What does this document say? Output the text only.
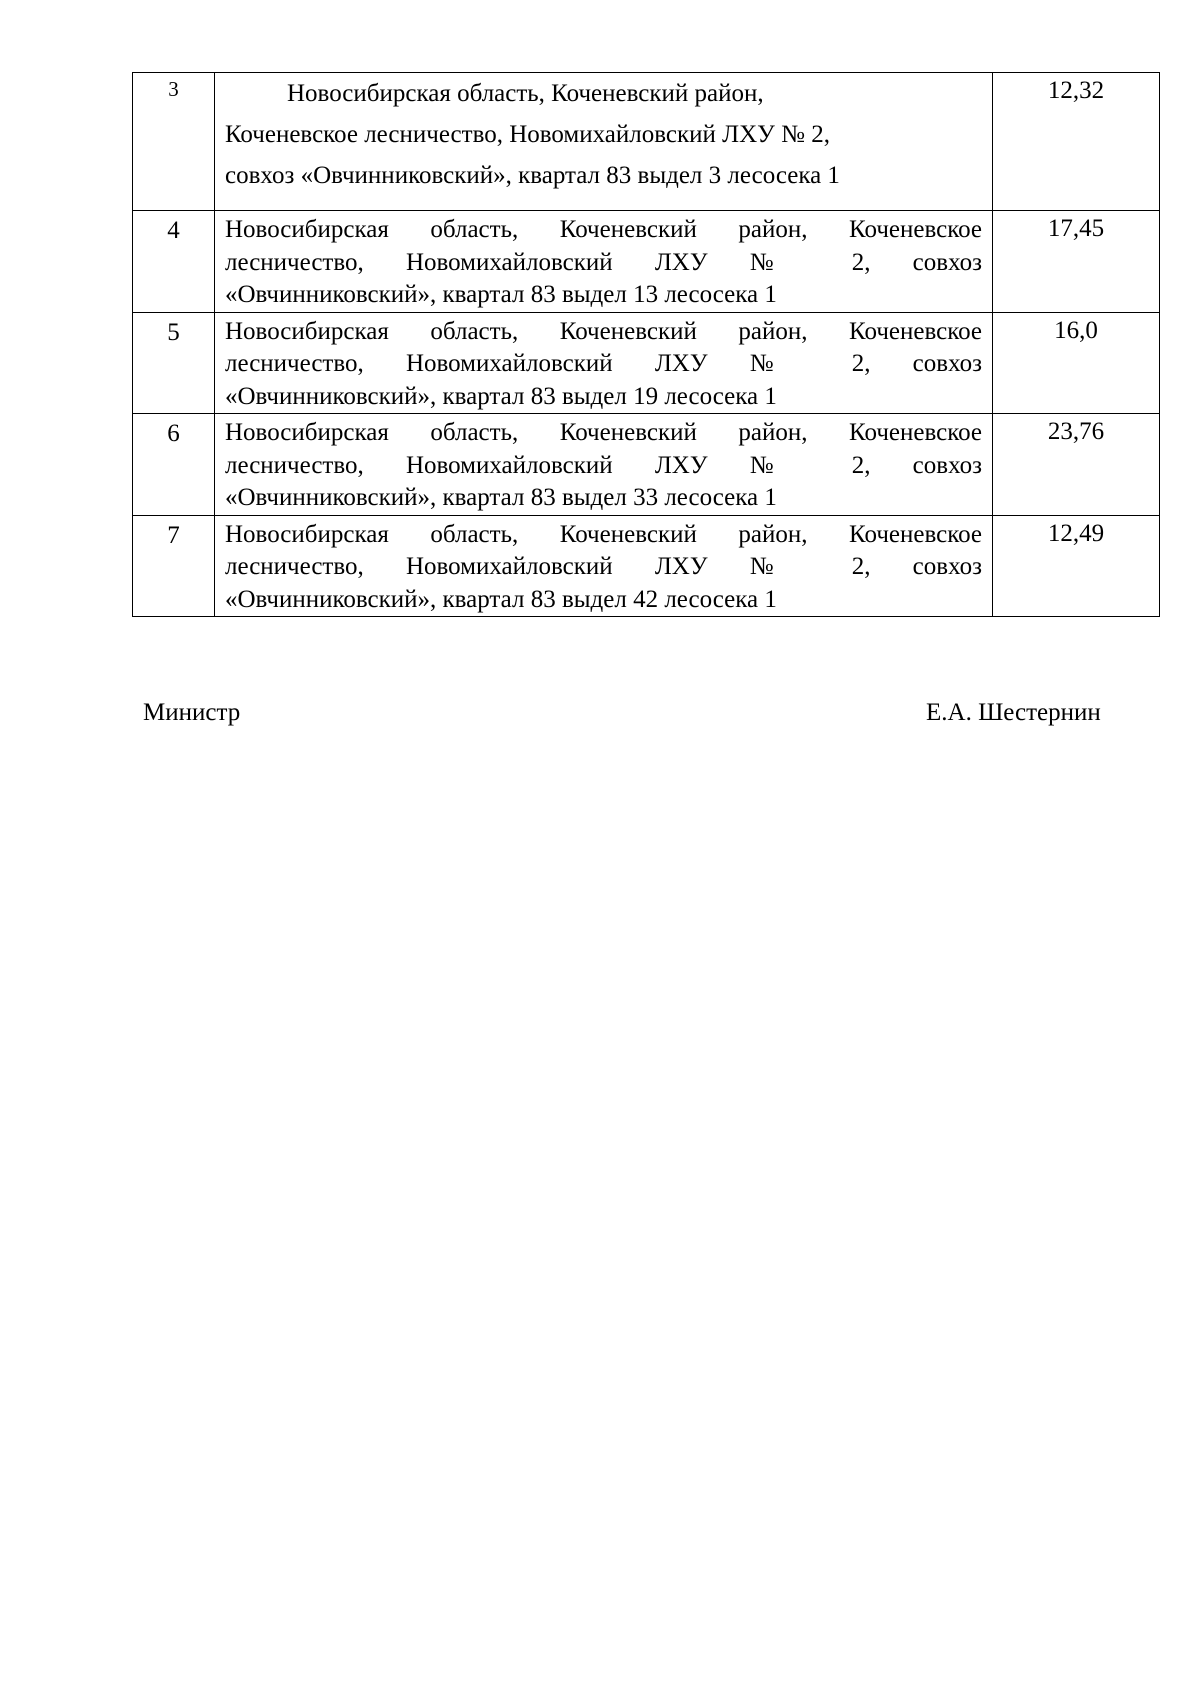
3	Новосибирская область, Коченевский район,
Коченевское лесничество, Новомихайловский ЛХУ № 2,
совхоз «Овчинниковский», квартал 83 выдел 3 лесосека 1	12,32
4	Новосибирская область, Коченевский район, Коченевское лесничество, Новомихайловский ЛХУ № 2, совхоз «Овчинниковский», квартал 83 выдел 13 лесосека 1	17,45
5	Новосибирская область, Коченевский район, Коченевское лесничество, Новомихайловский ЛХУ № 2, совхоз «Овчинниковский», квартал 83 выдел 19 лесосека 1	16,0
6	Новосибирская область, Коченевский район, Коченевское лесничество, Новомихайловский ЛХУ № 2, совхоз «Овчинниковский», квартал 83 выдел 33 лесосека 1	23,76
7	Новосибирская область, Коченевский район, Коченевское лесничество, Новомихайловский ЛХУ № 2, совхоз «Овчинниковский», квартал 83 выдел 42 лесосека 1	12,49
Министр	Е.А. Шестернин
